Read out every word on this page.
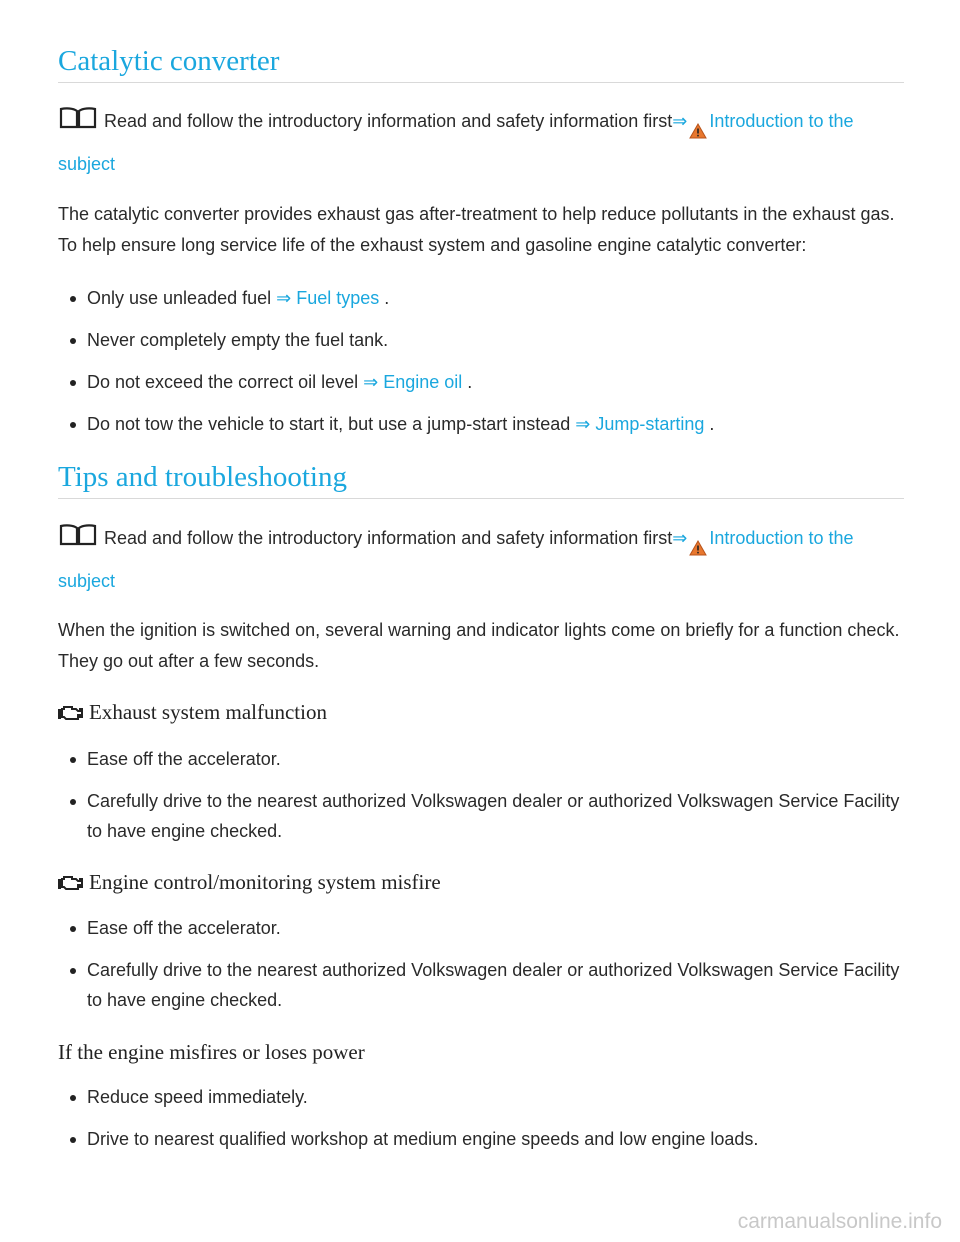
Catalytic converter

Read and follow the introductory information and safety information first⇒ Introduction to the subject

The catalytic converter provides exhaust gas after-treatment to help reduce pollutants in the exhaust gas. To help ensure long service life of the exhaust system and gasoline engine catalytic converter:

Only use unleaded fuel ⇒ Fuel types .
Never completely empty the fuel tank.
Do not exceed the correct oil level ⇒ Engine oil .
Do not tow the vehicle to start it, but use a jump-start instead ⇒ Jump-starting .
Tips and troubleshooting

Read and follow the introductory information and safety information first⇒ Introduction to the subject

When the ignition is switched on, several warning and indicator lights come on briefly for a function check. They go out after a few seconds.

Exhaust system malfunction
Ease off the accelerator.
Carefully drive to the nearest authorized Volkswagen dealer or authorized Volkswagen Service Facility to have engine checked.
Engine control/monitoring system misfire
Ease off the accelerator.
Carefully drive to the nearest authorized Volkswagen dealer or authorized Volkswagen Service Facility to have engine checked.
If the engine misfires or loses power
Reduce speed immediately.
Drive to nearest qualified workshop at medium engine speeds and low engine loads.
carmanualsonline.info
